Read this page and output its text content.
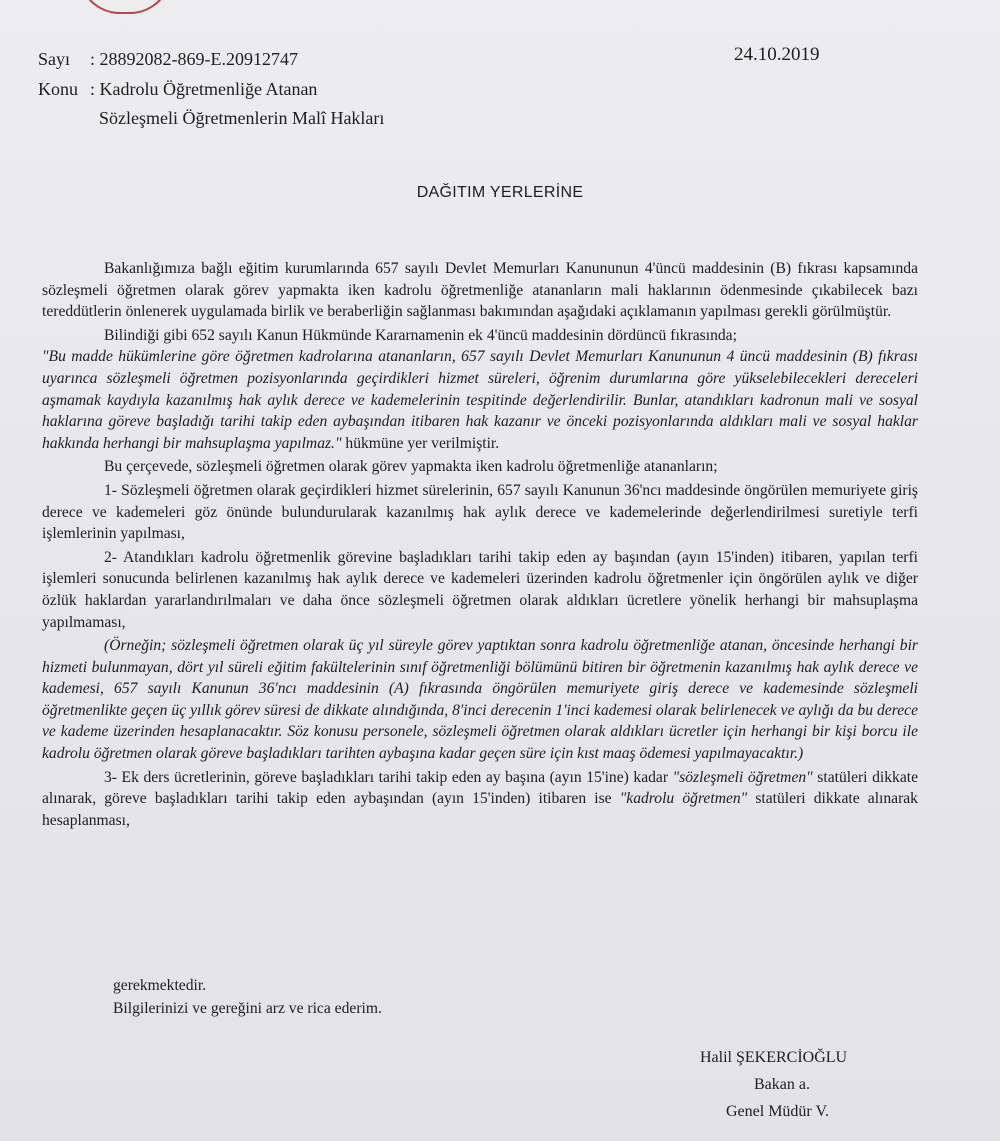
Sayı : 28892082-869-E.20912747	24.10.2019
Konu : Kadrolu Öğretmenliğe Atanan
Sözleşmeli Öğretmenlerin Malî Hakları
DAĞITIM YERLERİNE

Bakanlığımıza bağlı eğitim kurumlarında 657 sayılı Devlet Memurları Kanununun 4'üncü maddesinin (B) fıkrası kapsamında sözleşmeli öğretmen olarak görev yapmakta iken kadrolu öğretmenliğe atananların mali haklarının ödenmesinde çıkabilecek bazı tereddütlerin önlenerek uygulamada birlik ve beraberliğin sağlanması bakımından aşağıdaki açıklamanın yapılması gerekli görülmüştür.

Bilindiği gibi 652 sayılı Kanun Hükmünde Kararnamenin ek 4'üncü maddesinin dördüncü fıkrasında;

"Bu madde hükümlerine göre öğretmen kadrolarına atananların, 657 sayılı Devlet Memurları Kanununun 4 üncü maddesinin (B) fıkrası uyarınca sözleşmeli öğretmen pozisyonlarında geçirdikleri hizmet süreleri, öğrenim durumlarına göre yükselebilecekleri dereceleri aşmamak kaydıyla kazanılmış hak aylık derece ve kademelerinin tespitinde değerlendirilir. Bunlar, atandıkları kadronun mali ve sosyal haklarına göreve başladığı tarihi takip eden aybaşından itibaren hak kazanır ve önceki pozisyonlarında aldıkları mali ve sosyal haklar hakkında herhangi bir mahsuplaşma yapılmaz." hükmüne yer verilmiştir.

Bu çerçevede, sözleşmeli öğretmen olarak görev yapmakta iken kadrolu öğretmenliğe atananların;

1- Sözleşmeli öğretmen olarak geçirdikleri hizmet sürelerinin, 657 sayılı Kanunun 36'ncı maddesinde öngörülen memuriyete giriş derece ve kademeleri göz önünde bulundurularak kazanılmış hak aylık derece ve kademelerinde değerlendirilmesi suretiyle terfi işlemlerinin yapılması,

2- Atandıkları kadrolu öğretmenlik görevine başladıkları tarihi takip eden ay başından (ayın 15'inden) itibaren, yapılan terfi işlemleri sonucunda belirlenen kazanılmış hak aylık derece ve kademeleri üzerinden kadrolu öğretmenler için öngörülen aylık ve diğer özlük haklardan yararlandırılmaları ve daha önce sözleşmeli öğretmen olarak aldıkları ücretlere yönelik herhangi bir mahsuplaşma yapılmaması,

(Örneğin; sözleşmeli öğretmen olarak üç yıl süreyle görev yaptıktan sonra kadrolu öğretmenliğe atanan, öncesinde herhangi bir hizmeti bulunmayan, dört yıl süreli eğitim fakültelerinin sınıf öğretmenliği bölümünü bitiren bir öğretmenin kazanılmış hak aylık derece ve kademesi, 657 sayılı Kanunun 36'ncı maddesinin (A) fıkrasında öngörülen memuriyete giriş derece ve kademesinde sözleşmeli öğretmenlikte geçen üç yıllık görev süresi de dikkate alındığında, 8'inci derecenin 1'inci kademesi olarak belirlenecek ve aylığı da bu derece ve kademe üzerinden hesaplanacaktır. Söz konusu personele, sözleşmeli öğretmen olarak aldıkları ücretler için herhangi bir kişi borcu ile kadrolu öğretmen olarak göreve başladıkları tarihten aybaşına kadar geçen süre için kıst maaş ödemesi yapılmayacaktır.)

3- Ek ders ücretlerinin, göreve başladıkları tarihi takip eden ay başına (ayın 15'ine) kadar "sözleşmeli öğretmen" statüleri dikkate alınarak, göreve başladıkları tarihi takip eden aybaşından (ayın 15'inden) itibaren ise "kadrolu öğretmen" statüleri dikkate alınarak hesaplanması,

gerekmektedir.
Bilgilerinizi ve gereğini arz ve rica ederim.
Halil ŞEKERCİOĞLU
Bakan a.
Genel Müdür V.
